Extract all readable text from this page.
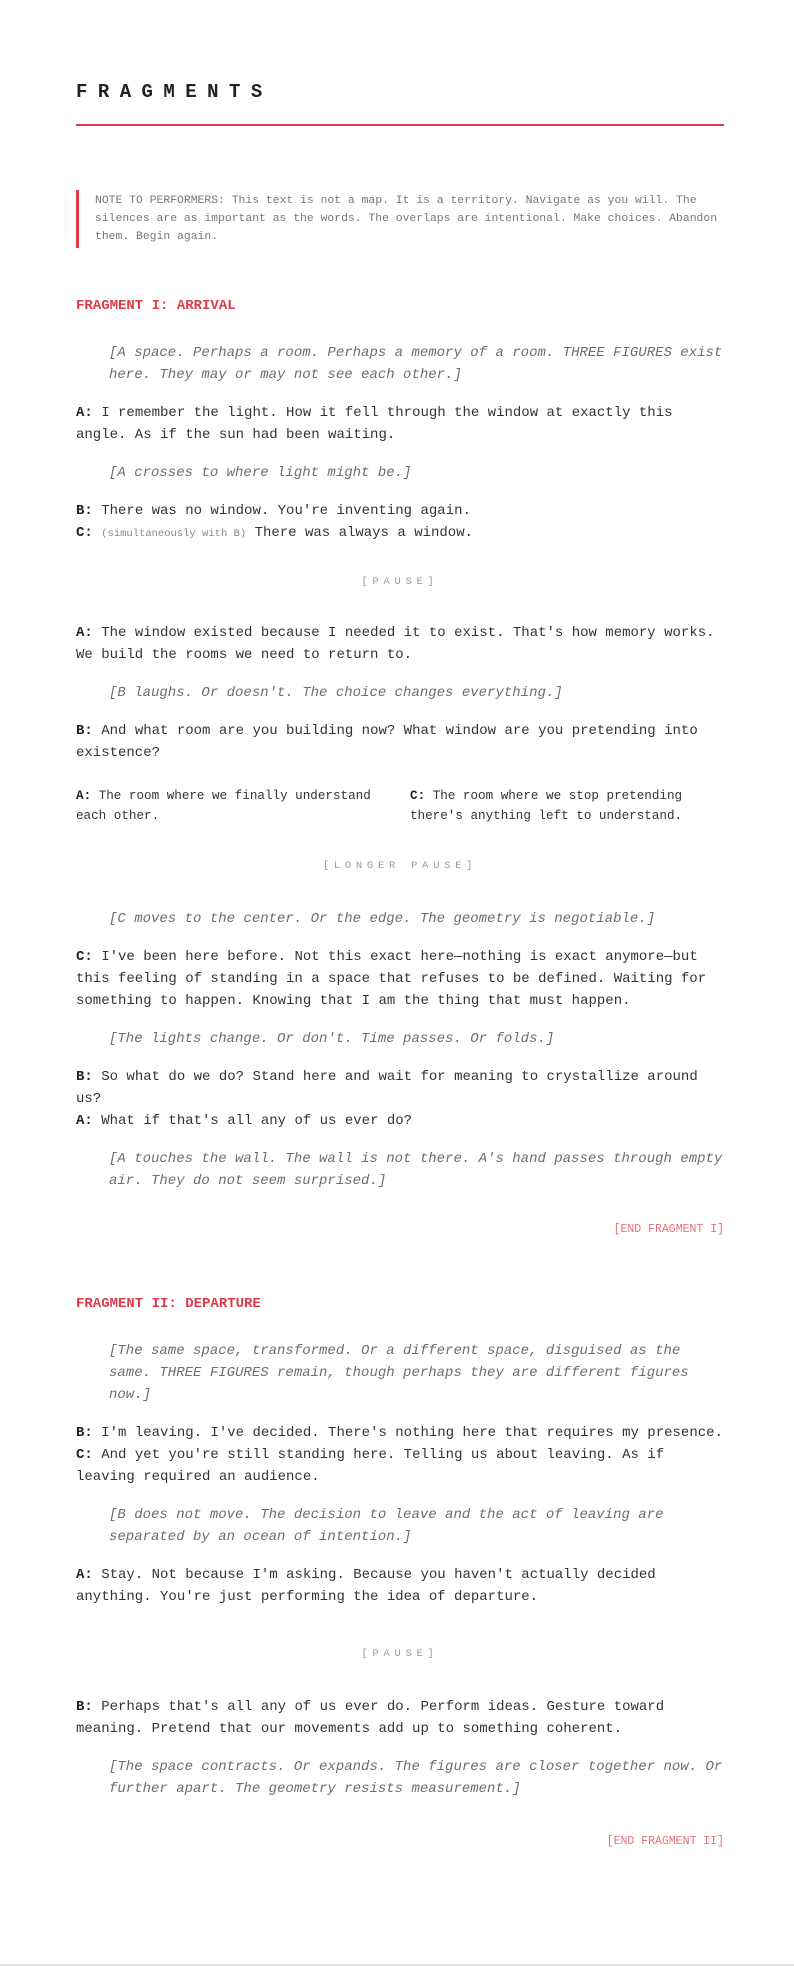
FRAGMENTS
NOTE TO PERFORMERS: This text is not a map. It is a territory. Navigate as you will. The silences are as important as the words. The overlaps are intentional. Make choices. Abandon them. Begin again.
FRAGMENT I: ARRIVAL

[A space. Perhaps a room. Perhaps a memory of a room. THREE FIGURES exist here. They may or may not see each other.]

A: I remember the light. How it fell through the window at exactly this angle. As if the sun had been waiting.

[A crosses to where light might be.]

B: There was no window. You're inventing again.

C: (simultaneously with B) There was always a window.

[PAUSE]

A: The window existed because I needed it to exist. That's how memory works. We build the rooms we need to return to.

[B laughs. Or doesn't. The choice changes everything.]

B: And what room are you building now? What window are you pretending into existence?

A: The room where we finally understand each other.
C: The room where we stop pretending there's anything left to understand.

[LONGER PAUSE]

[C moves to the center. Or the edge. The geometry is negotiable.]

C: I've been here before. Not this exact here—nothing is exact anymore—but this feeling of standing in a space that refuses to be defined. Waiting for something to happen. Knowing that I am the thing that must happen.

[The lights change. Or don't. Time passes. Or folds.]

B: So what do we do? Stand here and wait for meaning to crystallize around us?

A: What if that's all any of us ever do?

[A touches the wall. The wall is not there. A's hand passes through empty air. They do not seem surprised.]

[END FRAGMENT I]

FRAGMENT II: DEPARTURE

[The same space, transformed. Or a different space, disguised as the same. THREE FIGURES remain, though perhaps they are different figures now.]

B: I'm leaving. I've decided. There's nothing here that requires my presence.

C: And yet you're still standing here. Telling us about leaving. As if leaving required an audience.

[B does not move. The decision to leave and the act of leaving are separated by an ocean of intention.]

A: Stay. Not because I'm asking. Because you haven't actually decided anything. You're just performing the idea of departure.

[PAUSE]

B: Perhaps that's all any of us ever do. Perform ideas. Gesture toward meaning. Pretend that our movements add up to something coherent.

[The space contracts. Or expands. The figures are closer together now. Or further apart. The geometry resists measurement.]

[END FRAGMENT II]
